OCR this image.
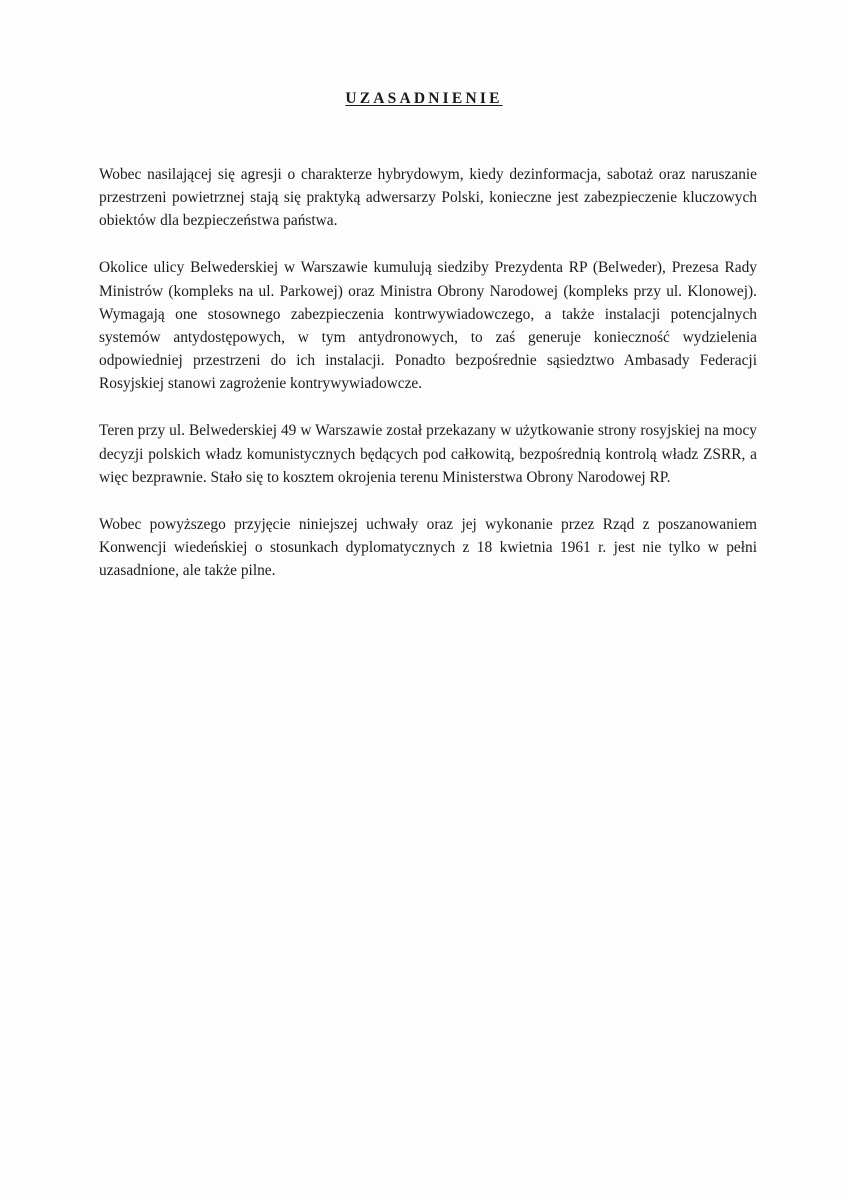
UZASADNIENIE

Wobec nasilającej się agresji o charakterze hybrydowym, kiedy dezinformacja, sabotaż oraz naruszanie przestrzeni powietrznej stają się praktyką adwersarzy Polski, konieczne jest zabezpieczenie kluczowych obiektów dla bezpieczeństwa państwa.

Okolice ulicy Belwederskiej w Warszawie kumulują siedziby Prezydenta RP (Belweder), Prezesa Rady Ministrów (kompleks na ul. Parkowej) oraz Ministra Obrony Narodowej (kompleks przy ul. Klonowej). Wymagają one stosownego zabezpieczenia kontrwywiadowczego, a także instalacji potencjalnych systemów antydostępowych, w tym antydronowych, to zaś generuje konieczność wydzielenia odpowiedniej przestrzeni do ich instalacji. Ponadto bezpośrednie sąsiedztwo Ambasady Federacji Rosyjskiej stanowi zagrożenie kontrywywiadowcze.

Teren przy ul. Belwederskiej 49 w Warszawie został przekazany w użytkowanie strony rosyjskiej na mocy decyzji polskich władz komunistycznych będących pod całkowitą, bezpośrednią kontrolą władz ZSRR, a więc bezprawnie. Stało się to kosztem okrojenia terenu Ministerstwa Obrony Narodowej RP.

Wobec powyższego przyjęcie niniejszej uchwały oraz jej wykonanie przez Rząd z poszanowaniem Konwencji wiedeńskiej o stosunkach dyplomatycznych z 18 kwietnia 1961 r. jest nie tylko w pełni uzasadnione, ale także pilne.
